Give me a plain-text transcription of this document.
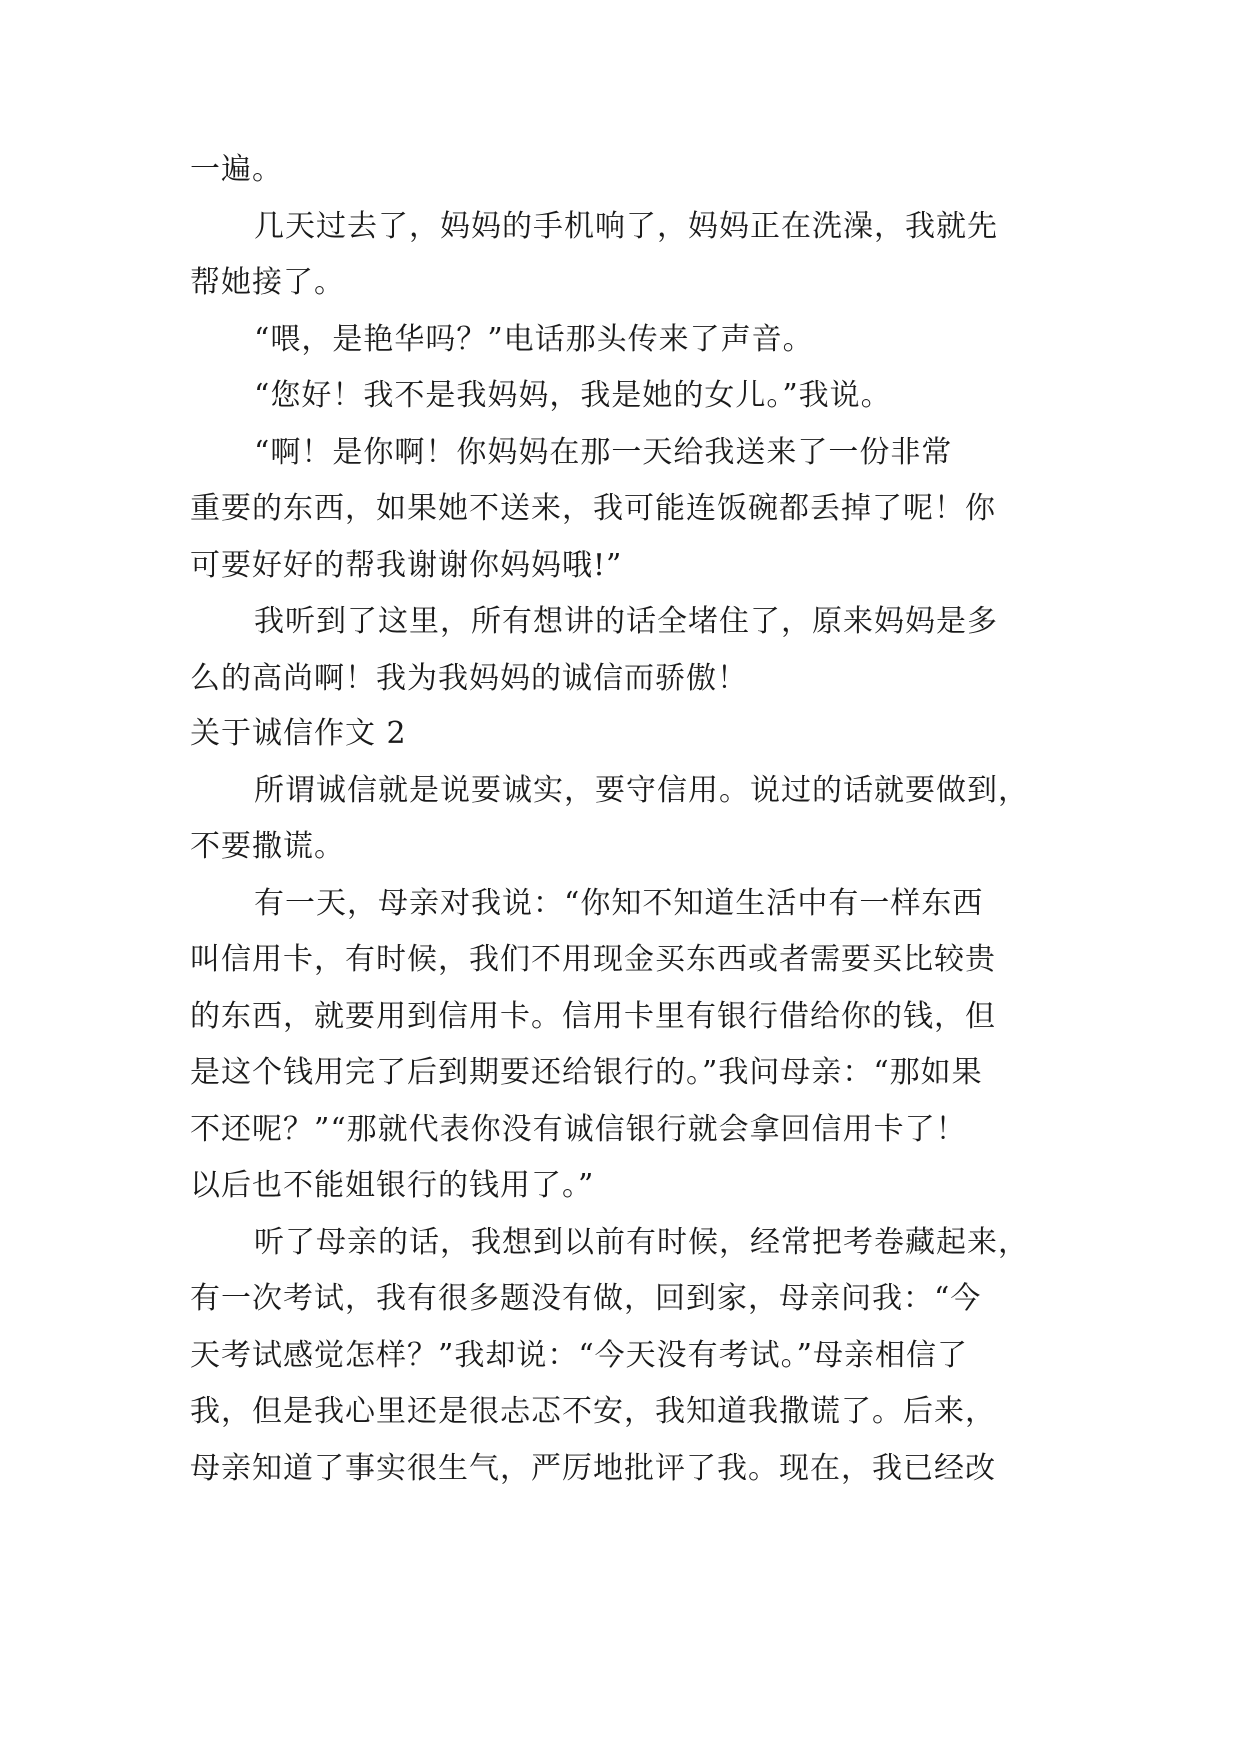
一遍。
几天过去了，妈妈的手机响了，妈妈正在洗澡，我就先
帮她接了。
“喂，是艳华吗？”电话那头传来了声音。
“您好！我不是我妈妈，我是她的女儿。”我说。
“啊！是你啊！你妈妈在那一天给我送来了一份非常
重要的东西，如果她不送来，我可能连饭碗都丢掉了呢！你
可要好好的帮我谢谢你妈妈哦!”
我听到了这里，所有想讲的话全堵住了，原来妈妈是多
么的高尚啊！我为我妈妈的诚信而骄傲！
关于诚信作文 2
所谓诚信就是说要诚实，要守信用。说过的话就要做到，
不要撒谎。
有一天，母亲对我说：“你知不知道生活中有一样东西
叫信用卡，有时候，我们不用现金买东西或者需要买比较贵
的东西，就要用到信用卡。信用卡里有银行借给你的钱，但
是这个钱用完了后到期要还给银行的。”我问母亲：“那如果
不还呢？”“那就代表你没有诚信银行就会拿回信用卡了！
以后也不能姐银行的钱用了。”
听了母亲的话，我想到以前有时候，经常把考卷藏起来，
有一次考试，我有很多题没有做，回到家，母亲问我：“今
天考试感觉怎样？”我却说：“今天没有考试。”母亲相信了
我，但是我心里还是很忐忑不安，我知道我撒谎了。后来，
母亲知道了事实很生气，严厉地批评了我。现在，我已经改
